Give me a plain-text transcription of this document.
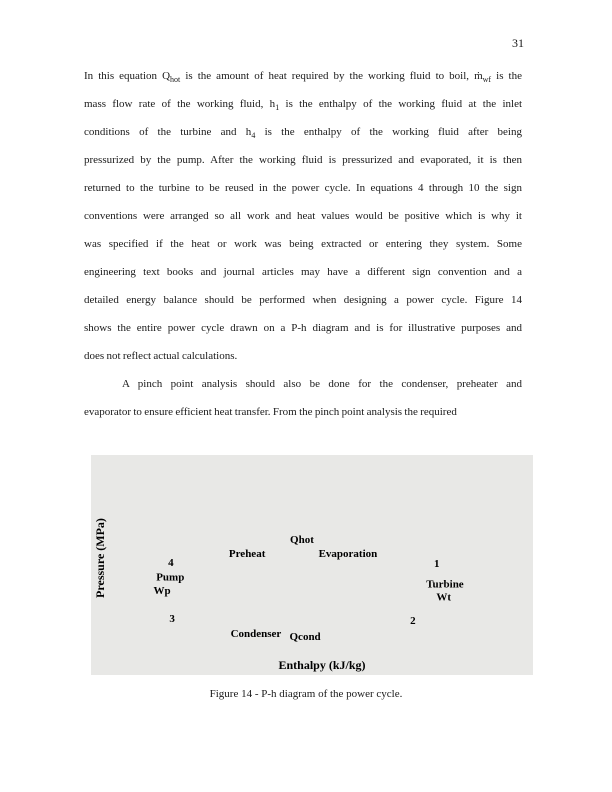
31
In this equation $Q_{hot}$ is the amount of heat required by the working fluid to boil, ṁ$_{wf}$ is the
mass flow rate of the working fluid, $h_1$ is the enthalpy of the working fluid at the inlet
conditions of the turbine and $h_4$ is the enthalpy of the working fluid after being
pressurized by the pump. After the working fluid is pressurized and evaporated, it is then
returned to the turbine to be reused in the power cycle. In equations 4 through 10 the sign
conventions were arranged so all work and heat values would be positive which is why it
was specified if the heat or work was being extracted or entering they system. Some
engineering text books and journal articles may have a different sign convention and a
detailed energy balance should be performed when designing a power cycle. Figure 14
shows the entire power cycle drawn on a P-h diagram and is for illustrative purposes and
does not reflect actual calculations.
A pinch point analysis should also be done for the condenser, preheater and
evaporator to ensure efficient heat transfer. From the pinch point analysis the required
Enthalpy (kJ/kg)
Pressure (MPa)	1
2
3
4
Preheat	Evaporation
Qhot
Pump
Wp
Turbine
Wt
Condenser Qcond
Figure 14 - P-h diagram of the power cycle.
